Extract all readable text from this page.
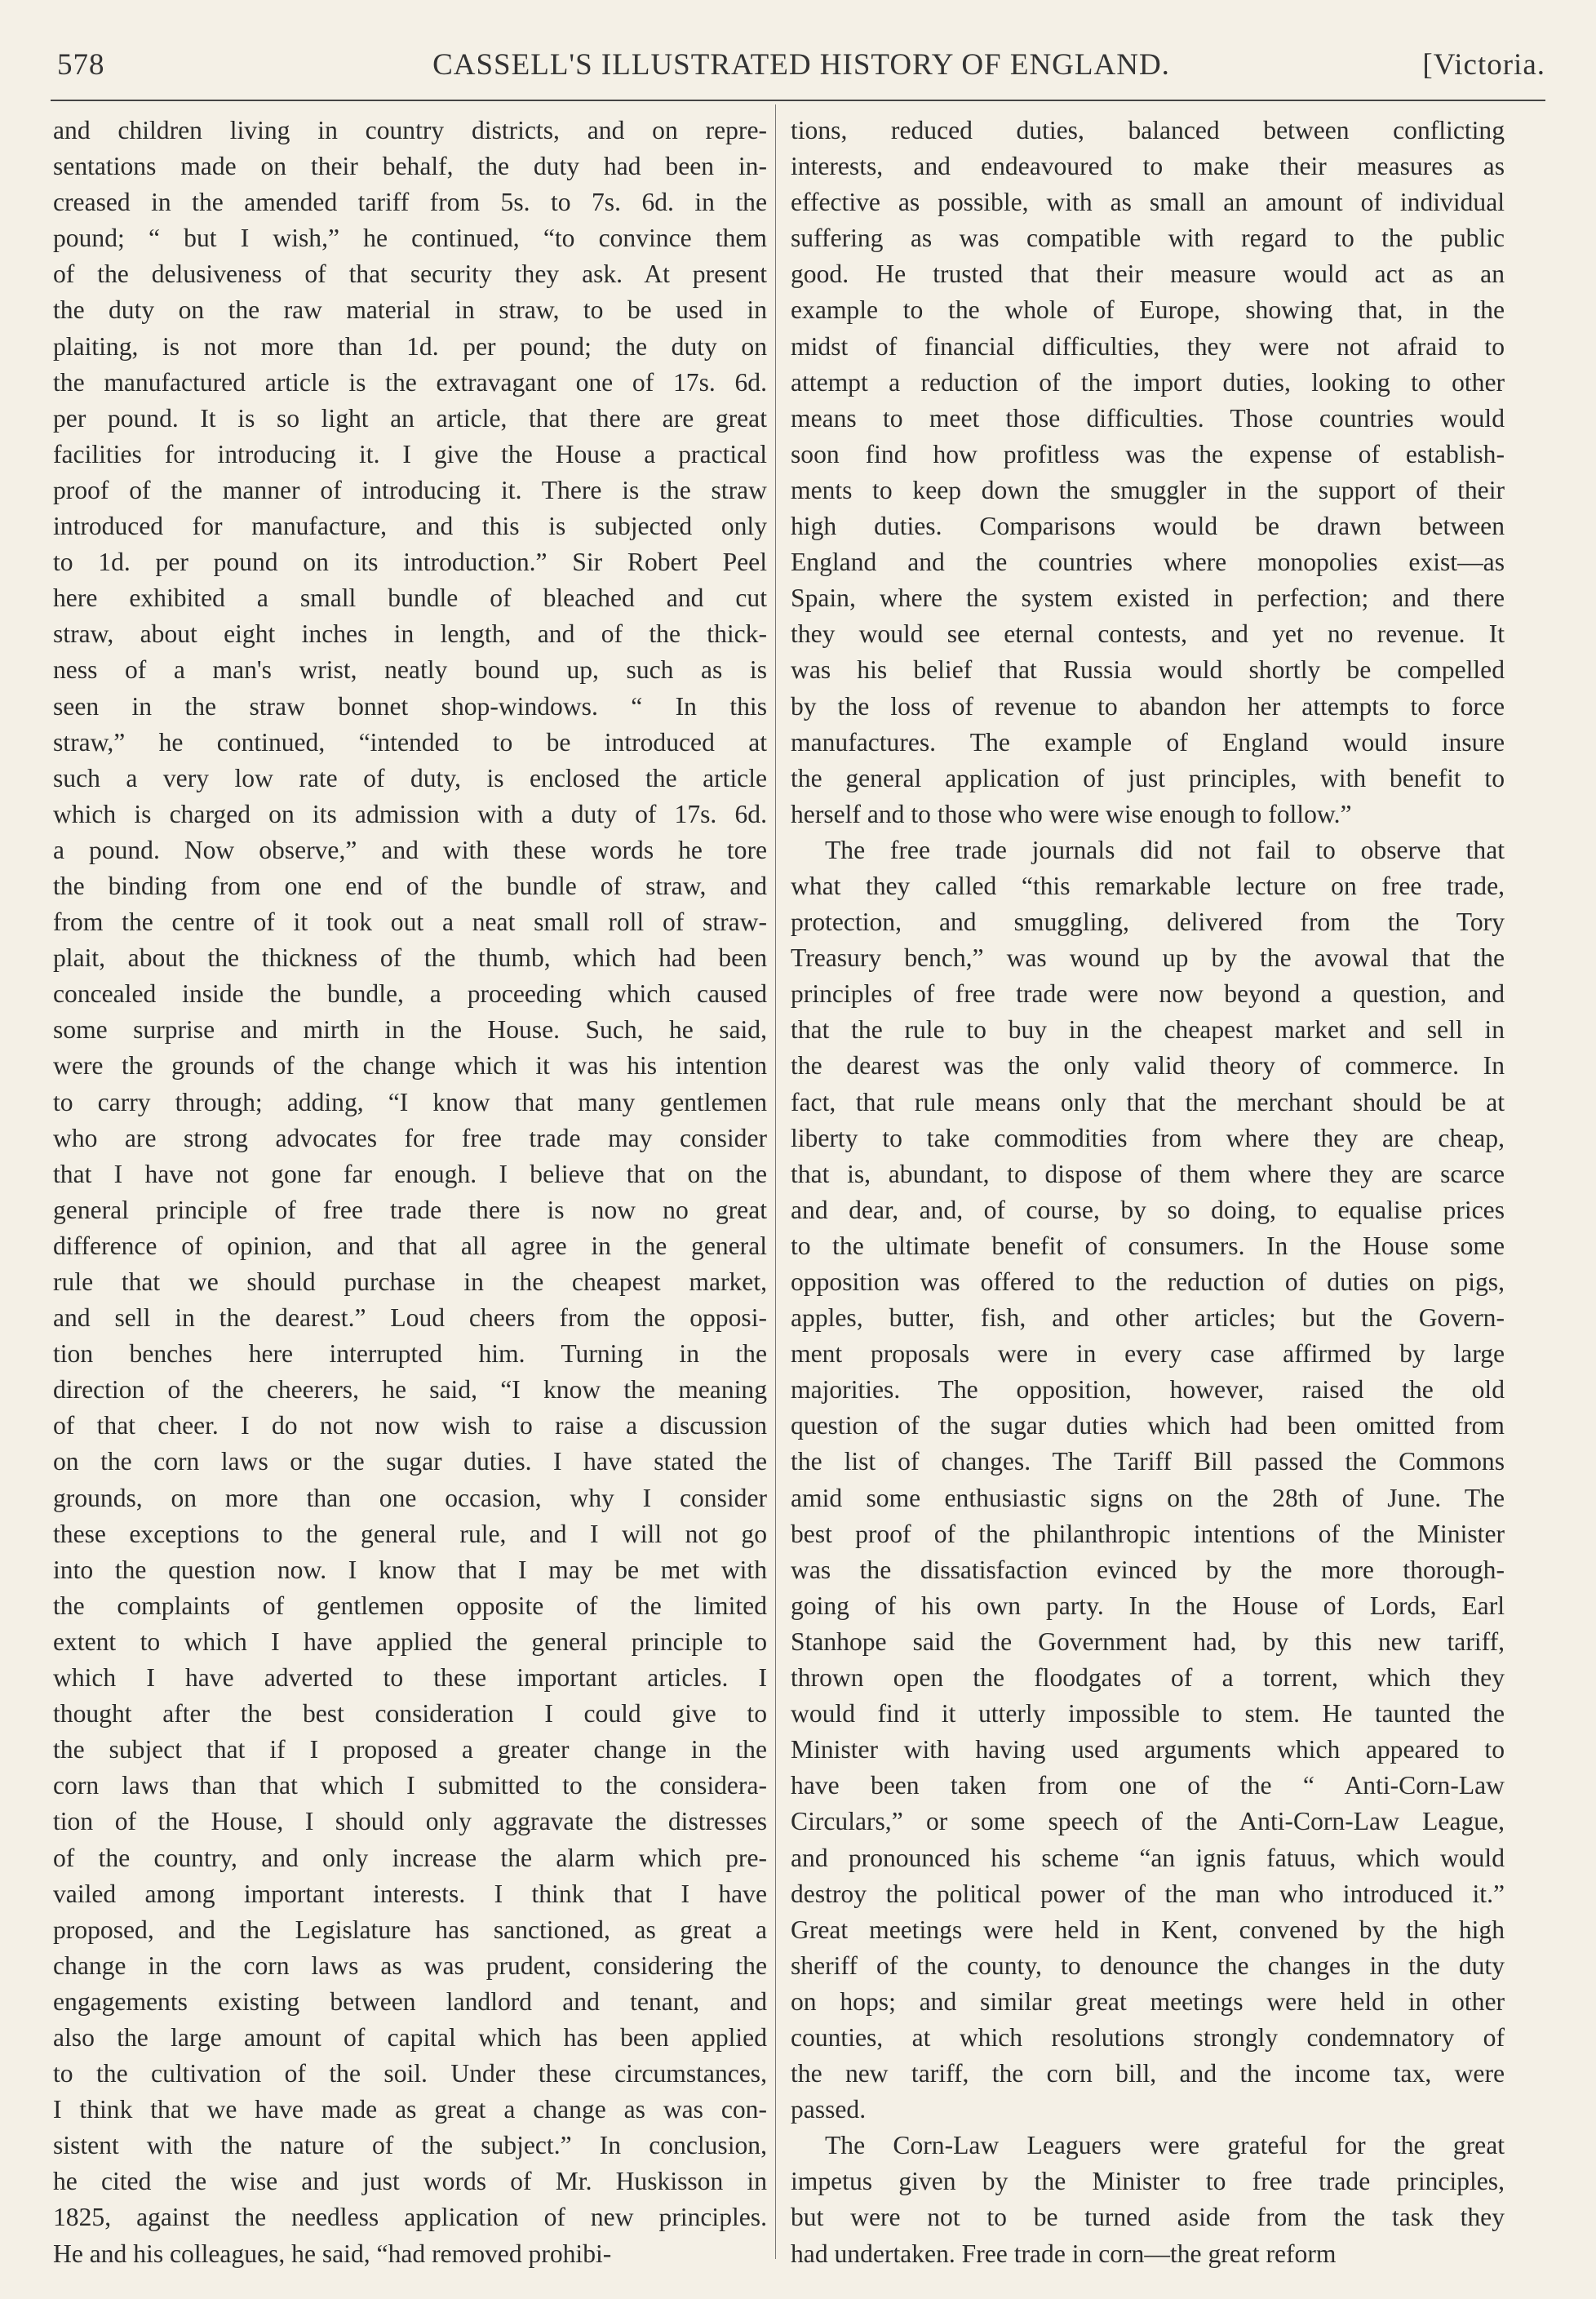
578	CASSELL'S ILLUSTRATED HISTORY OF ENGLAND.	[Victoria.
and children living in country districts, and on repre-
sentations made on their behalf, the duty had been in-
creased in the amended tariff from 5s. to 7s. 6d. in the
pound; “ but I wish,” he continued, “to convince them
of the delusiveness of that security they ask. At present
the duty on the raw material in straw, to be used in
plaiting, is not more than 1d. per pound; the duty on
the manufactured article is the extravagant one of 17s. 6d.
per pound. It is so light an article, that there are great
facilities for introducing it. I give the House a practical
proof of the manner of introducing it. There is the straw
introduced for manufacture, and this is subjected only
to 1d. per pound on its introduction.” Sir Robert Peel
here exhibited a small bundle of bleached and cut
straw, about eight inches in length, and of the thick-
ness of a man's wrist, neatly bound up, such as is
seen in the straw bonnet shop-windows. “ In this
straw,” he continued, “intended to be introduced at
such a very low rate of duty, is enclosed the article
which is charged on its admission with a duty of 17s. 6d.
a pound. Now observe,” and with these words he tore
the binding from one end of the bundle of straw, and
from the centre of it took out a neat small roll of straw-
plait, about the thickness of the thumb, which had been
concealed inside the bundle, a proceeding which caused
some surprise and mirth in the House. Such, he said,
were the grounds of the change which it was his intention
to carry through; adding, “I know that many gentlemen
who are strong advocates for free trade may consider
that I have not gone far enough. I believe that on the
general principle of free trade there is now no great
difference of opinion, and that all agree in the general
rule that we should purchase in the cheapest market,
and sell in the dearest.” Loud cheers from the opposi-
tion benches here interrupted him. Turning in the
direction of the cheerers, he said, “I know the meaning
of that cheer. I do not now wish to raise a discussion
on the corn laws or the sugar duties. I have stated the
grounds, on more than one occasion, why I consider
these exceptions to the general rule, and I will not go
into the question now. I know that I may be met with
the complaints of gentlemen opposite of the limited
extent to which I have applied the general principle to
which I have adverted to these important articles. I
thought after the best consideration I could give to
the subject that if I proposed a greater change in the
corn laws than that which I submitted to the considera-
tion of the House, I should only aggravate the distresses
of the country, and only increase the alarm which pre-
vailed among important interests. I think that I have
proposed, and the Legislature has sanctioned, as great a
change in the corn laws as was prudent, considering the
engagements existing between landlord and tenant, and
also the large amount of capital which has been applied
to the cultivation of the soil. Under these circumstances,
I think that we have made as great a change as was con-
sistent with the nature of the subject.” In conclusion,
he cited the wise and just words of Mr. Huskisson in
1825, against the needless application of new principles.
He and his colleagues, he said, “had removed prohibi-
tions, reduced duties, balanced between conflicting
interests, and endeavoured to make their measures as
effective as possible, with as small an amount of individual
suffering as was compatible with regard to the public
good. He trusted that their measure would act as an
example to the whole of Europe, showing that, in the
midst of financial difficulties, they were not afraid to
attempt a reduction of the import duties, looking to other
means to meet those difficulties. Those countries would
soon find how profitless was the expense of establish-
ments to keep down the smuggler in the support of their
high duties. Comparisons would be drawn between
England and the countries where monopolies exist—as
Spain, where the system existed in perfection; and there
they would see eternal contests, and yet no revenue. It
was his belief that Russia would shortly be compelled
by the loss of revenue to abandon her attempts to force
manufactures. The example of England would insure
the general application of just principles, with benefit to
herself and to those who were wise enough to follow.”
The free trade journals did not fail to observe that
what they called “this remarkable lecture on free trade,
protection, and smuggling, delivered from the Tory
Treasury bench,” was wound up by the avowal that the
principles of free trade were now beyond a question, and
that the rule to buy in the cheapest market and sell in
the dearest was the only valid theory of commerce. In
fact, that rule means only that the merchant should be at
liberty to take commodities from where they are cheap,
that is, abundant, to dispose of them where they are scarce
and dear, and, of course, by so doing, to equalise prices
to the ultimate benefit of consumers. In the House some
opposition was offered to the reduction of duties on pigs,
apples, butter, fish, and other articles; but the Govern-
ment proposals were in every case affirmed by large
majorities. The opposition, however, raised the old
question of the sugar duties which had been omitted from
the list of changes. The Tariff Bill passed the Commons
amid some enthusiastic signs on the 28th of June. The
best proof of the philanthropic intentions of the Minister
was the dissatisfaction evinced by the more thorough-
going of his own party. In the House of Lords, Earl
Stanhope said the Government had, by this new tariff,
thrown open the floodgates of a torrent, which they
would find it utterly impossible to stem. He taunted the
Minister with having used arguments which appeared to
have been taken from one of the “ Anti-Corn-Law
Circulars,” or some speech of the Anti-Corn-Law League,
and pronounced his scheme “an ignis fatuus, which would
destroy the political power of the man who introduced it.”
Great meetings were held in Kent, convened by the high
sheriff of the county, to denounce the changes in the duty
on hops; and similar great meetings were held in other
counties, at which resolutions strongly condemnatory of
the new tariff, the corn bill, and the income tax, were
passed.
The Corn-Law Leaguers were grateful for the great
impetus given by the Minister to free trade principles,
but were not to be turned aside from the task they
had undertaken. Free trade in corn—the great reform
